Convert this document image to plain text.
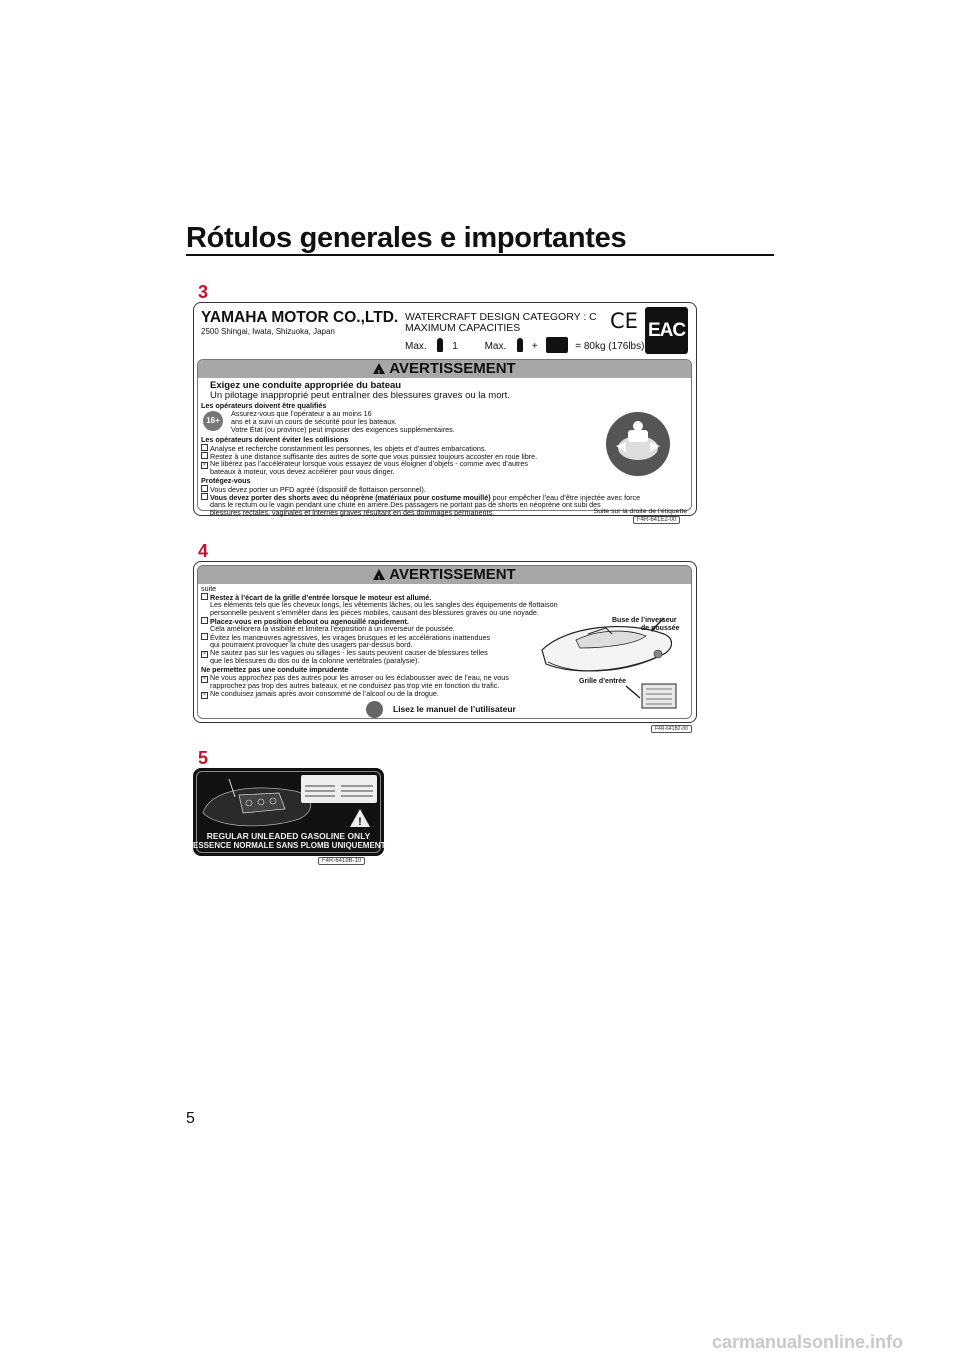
Rótulos generales e importantes
3
YAMAHA MOTOR CO.,LTD.
2500 Shingai, Iwata, Shizuoka, Japan
WATERCRAFT DESIGN CATEGORY : C
MAXIMUM CAPACITIES
Max.	1	Max.	+	= 80kg (176lbs)
CE EAC
!AVERTISSEMENT
Exigez une conduite appropriée du bateau
Un pilotage inapproprié peut entraîner des blessures graves ou la mort.
Les opérateurs doivent être qualifiés
16+
Assurez-vous que l’opérateur a au moins 16
ans et a suivi un cours de sécurité pour les bateaux.
Votre État (ou province) peut imposer des exigences supplémentaires.
Les opérateurs doivent éviter les collisions
Analyse et recherche constamment les personnes, les objets et d’autres embarcations.
Restez à une distance suffisante des autres de sorte que vous puissiez toujours accoster en roue libre.
× Ne libérez pas l’accélérateur lorsque vous essayez de vous éloigner d’objets - comme avec d’autres
bateaux à moteur, vous devez accélérer pour vous diriger.
Protégez-vous
Vous devez porter un PFD agréé (dispositif de flottaison personnel).
Vous devez porter des shorts avec du néoprène (matériaux pour costume mouillé) pour empêcher l’eau d’être injectée avec force
dans le rectum ou le vagin pendant une chute en arrière.Des passagers ne portant pas de shorts en néoprène ont subi des
blessures rectales, vaginales et internes graves résultant en des dommages permanents.	Suite sur la droite de l’étiquette
F4R-641E2-00
4
!AVERTISSEMENT
suite
Restez à l’écart de la grille d’entrée lorsque le moteur est allumé.
Les éléments tels que les cheveux longs, les vêtements lâches, ou les sangles des équipements de flottaison
personnelle peuvent s’emmêler dans les pièces mobiles, causant des blessures graves ou une noyade.
Placez-vous en position debout ou agenouillé rapidement.
Cela améliorera la visibilité et limitera l’exposition à un inverseur de poussée.
Évitez les manœuvres agressives, les virages brusques et les accélérations inattendues
qui pourraient provoquer la chute des usagers par-dessus bord.
× Ne sautez pas sur les vagues ou sillages - les sauts peuvent causer de blessures telles
que les blessures du dos ou de la colonne vertébrales (paralysie).
Ne permettez pas une conduite imprudente
× Ne vous approchez pas des autres pour les arroser ou les éclabousser avec de l’eau, ne vous
rapprochez pas trop des autres bateaux, et ne conduisez pas trop vite en fonction du trafic.
× Ne conduisez jamais après avoir consommé de l’alcool ou de la drogue.
Lisez le manuel de l’utilisateur
Buse de l’inverseur
de poussée
Grille d’entrée
F4R-641B2-00
5
!
REGULAR UNLEADED GASOLINE ONLY
ESSENCE NORMALE SANS PLOMB UNIQUEMENT
F4R-6419B-10
5
carmanualsonline.info
